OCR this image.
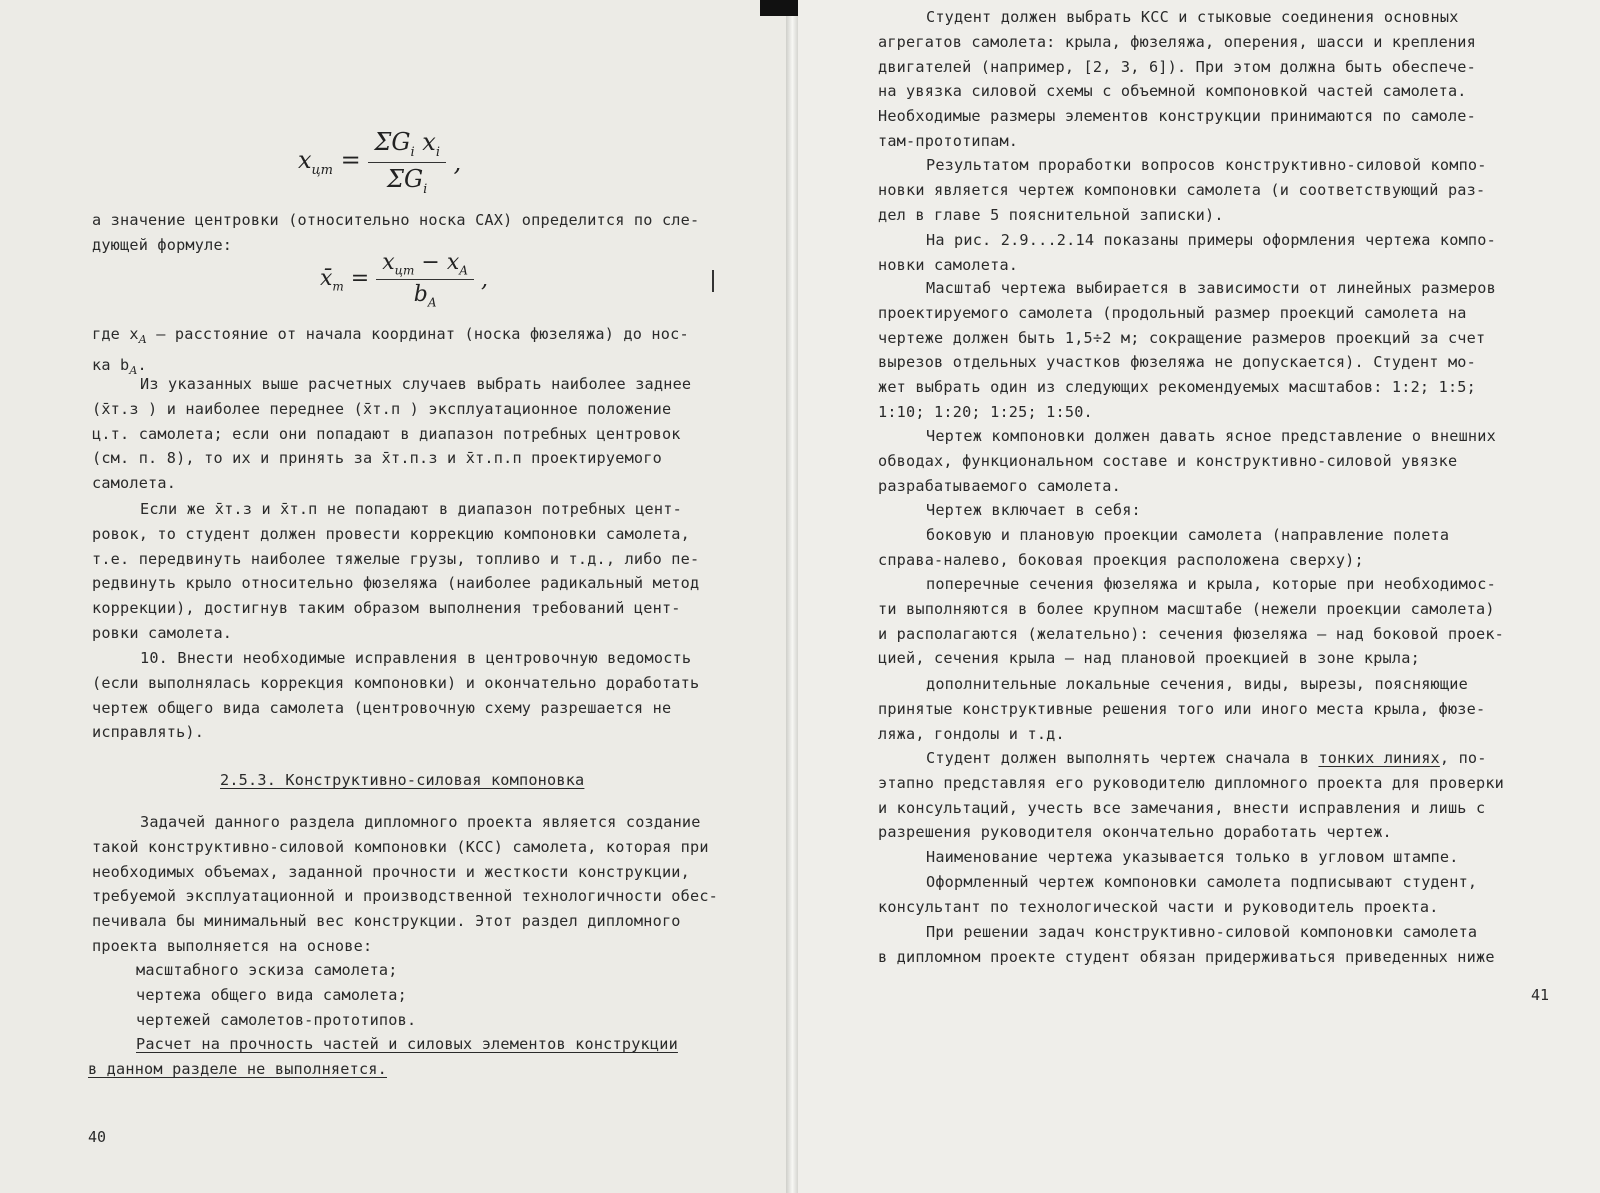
$x_{цт} = \frac{\Sigma G_i x_i}{\Sigma G_i}$ ,
а значение центровки (относительно носка САХ) определится по сле-
дующей формуле:
$x̄_т = \frac{x_{цт} - x_A}{b_A}$ ,
где $x_A$ – расстояние от начала координат (носка фюзеляжа) до нос-
ка $b_A$.
Из указанных выше расчетных случаев выбрать наиболее заднее
(x̄т.з ) и наиболее переднее (x̄т.п ) эксплуатационное положение
ц.т. самолета; если они попадают в диапазон потребных центровок
(см. п. 8), то их и принять за x̄т.п.з и x̄т.п.п проектируемого
самолета.
Если же x̄т.з и x̄т.п не попадают в диапазон потребных цент-
ровок, то студент должен провести коррекцию компоновки самолета,
т.е. передвинуть наиболее тяжелые грузы, топливо и т.д., либо пе-
редвинуть крыло относительно фюзеляжа (наиболее радикальный метод
коррекции), достигнув таким образом выполнения требований цент-
ровки самолета.
10. Внести необходимые исправления в центровочную ведомость
(если выполнялась коррекция компоновки) и окончательно доработать
чертеж общего вида самолета (центровочную схему разрешается не
исправлять).
2.5.3. Конструктивно-силовая компоновка
Задачей данного раздела дипломного проекта является создание
такой конструктивно-силовой компоновки (КСС) самолета, которая при
необходимых объемах, заданной прочности и жесткости конструкции,
требуемой эксплуатационной и производственной технологичности обес-
печивала бы минимальный вес конструкции. Этот раздел дипломного
проекта выполняется на основе:
масштабного эскиза самолета;
чертежа общего вида самолета;
чертежей самолетов-прототипов.
Расчет на прочность частей и силовых элементов конструкции
в данном разделе не выполняется.
40
Студент должен выбрать КСС и стыковые соединения основных
агрегатов самолета: крыла, фюзеляжа, оперения, шасси и крепления
двигателей (например, [2, 3, 6]). При этом должна быть обеспече-
на увязка силовой схемы с объемной компоновкой частей самолета.
Необходимые размеры элементов конструкции принимаются по самоле-
там-прототипам.
Результатом проработки вопросов конструктивно-силовой компо-
новки является чертеж компоновки самолета (и соответствующий раз-
дел в главе 5 пояснительной записки).
На рис. 2.9...2.14 показаны примеры оформления чертежа компо-
новки самолета.
Масштаб чертежа выбирается в зависимости от линейных размеров
проектируемого самолета (продольный размер проекций самолета на
чертеже должен быть 1,5÷2 м; сокращение размеров проекций за счет
вырезов отдельных участков фюзеляжа не допускается). Студент мо-
жет выбрать один из следующих рекомендуемых масштабов: 1:2; 1:5;
1:10; 1:20; 1:25; 1:50.
Чертеж компоновки должен давать ясное представление о внешних
обводах, функциональном составе и конструктивно-силовой увязке
разрабатываемого самолета.
Чертеж включает в себя:
боковую и плановую проекции самолета (направление полета
справа-налево, боковая проекция расположена сверху);
поперечные сечения фюзеляжа и крыла, которые при необходимос-
ти выполняются в более крупном масштабе (нежели проекции самолета)
и располагаются (желательно): сечения фюзеляжа – над боковой проек-
цией, сечения крыла – над плановой проекцией в зоне крыла;
дополнительные локальные сечения, виды, вырезы, поясняющие
принятые конструктивные решения того или иного места крыла, фюзе-
ляжа, гондолы и т.д.
Студент должен выполнять чертеж сначала в тонких линиях, по-
этапно представляя его руководителю дипломного проекта для проверки
и консультаций, учесть все замечания, внести исправления и лишь с
разрешения руководителя окончательно доработать чертеж.
Наименование чертежа указывается только в угловом штампе.
Оформленный чертеж компоновки самолета подписывают студент,
консультант по технологической части и руководитель проекта.
При решении задач конструктивно-силовой компоновки самолета
в дипломном проекте студент обязан придерживаться приведенных ниже
41
